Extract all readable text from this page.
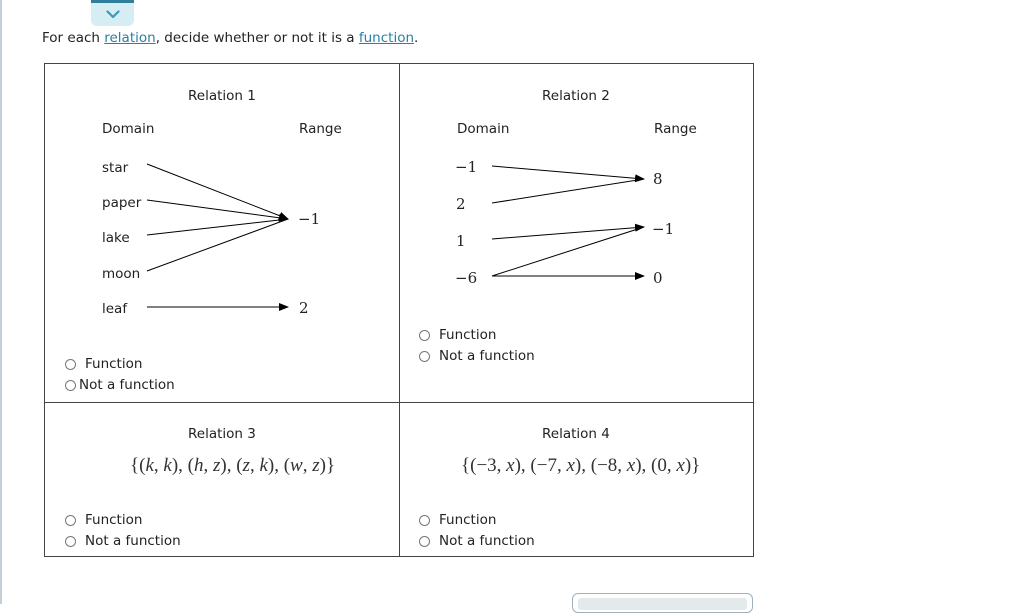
For each relation, decide whether or not it is a function.
Relation 1
Domain	Range
star
paper
lake
moon
leaf
−1
2
Function
Not a function
Relation 2
Domain	Range
−1
2
1
−6
8
−1
0
Function
Not a function
Relation 3
{(k, k), (h, z), (z, k), (w, z)}
Function
Not a function
Relation 4
{(−3, x), (−7, x), (−8, x), (0, x)}
Function
Not a function
